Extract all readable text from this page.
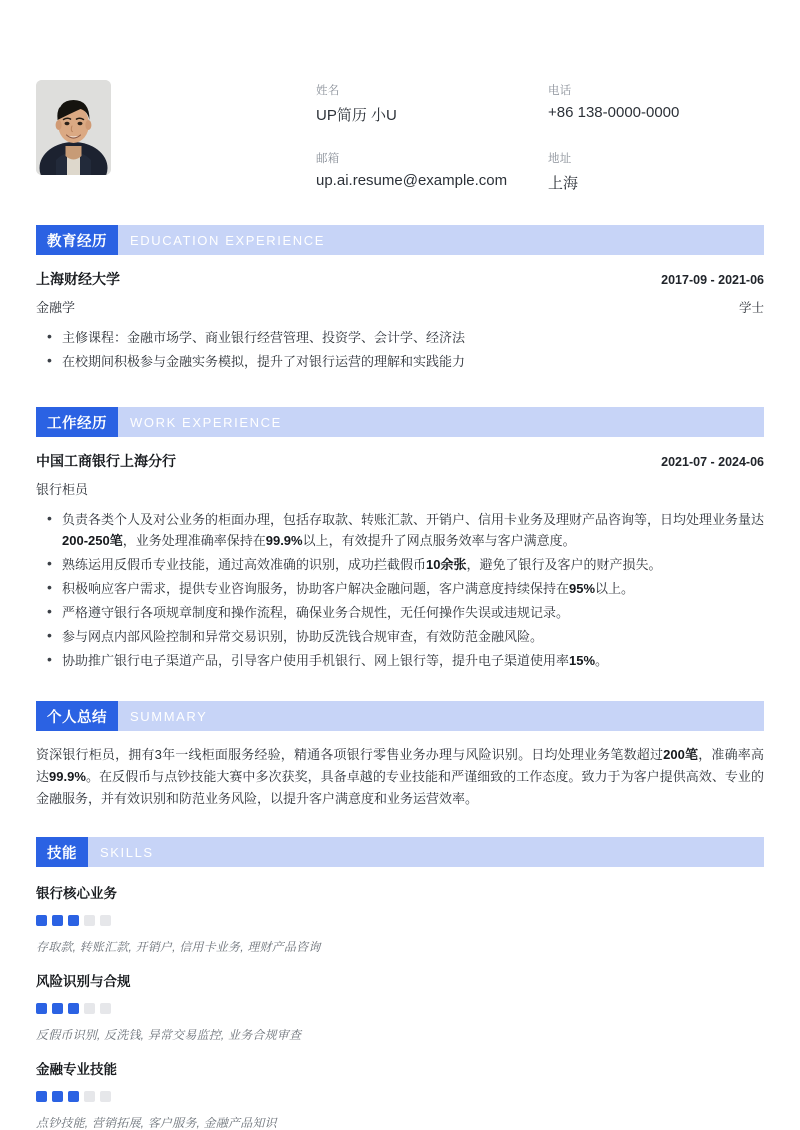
姓名
UP简历 小U
电话
+86 138-0000-0000
邮箱
up.ai.resume@example.com
地址
上海
教育经历	EDUCATION EXPERIENCE
上海财经大学	2017-09 - 2021-06
金融学	学士
• 主修课程：金融市场学、商业银行经营管理、投资学、会计学、经济法
• 在校期间积极参与金融实务模拟，提升了对银行运营的理解和实践能力
工作经历	WORK EXPERIENCE
中国工商银行上海分行	2021-07 - 2024-06
银行柜员
• 负责各类个人及对公业务的柜面办理，包括存取款、转账汇款、开销户、信用卡业务及理财产品咨询等，日均处理业务量达200-250笔，业务处理准确率保持在99.9%以上，有效提升了网点服务效率与客户满意度。
• 熟练运用反假币专业技能，通过高效准确的识别，成功拦截假币10余张，避免了银行及客户的财产损失。
• 积极响应客户需求，提供专业咨询服务，协助客户解决金融问题，客户满意度持续保持在95%以上。
• 严格遵守银行各项规章制度和操作流程，确保业务合规性，无任何操作失误或违规记录。
• 参与网点内部风险控制和异常交易识别，协助反洗钱合规审查，有效防范金融风险。
• 协助推广银行电子渠道产品，引导客户使用手机银行、网上银行等，提升电子渠道使用率15%。
个人总结	SUMMARY
资深银行柜员，拥有3年一线柜面服务经验，精通各项银行零售业务办理与风险识别。日均处理业务笔数超过200笔，准确率高达99.9%。在反假币与点钞技能大赛中多次获奖，具备卓越的专业技能和严谨细致的工作态度。致力于为客户提供高效、专业的金融服务，并有效识别和防范业务风险，以提升客户满意度和业务运营效率。
技能	SKILLS
银行核心业务
存取款, 转账汇款, 开销户, 信用卡业务, 理财产品咨询
风险识别与合规
反假币识别, 反洗钱, 异常交易监控, 业务合规审查
金融专业技能
点钞技能, 营销拓展, 客户服务, 金融产品知识
